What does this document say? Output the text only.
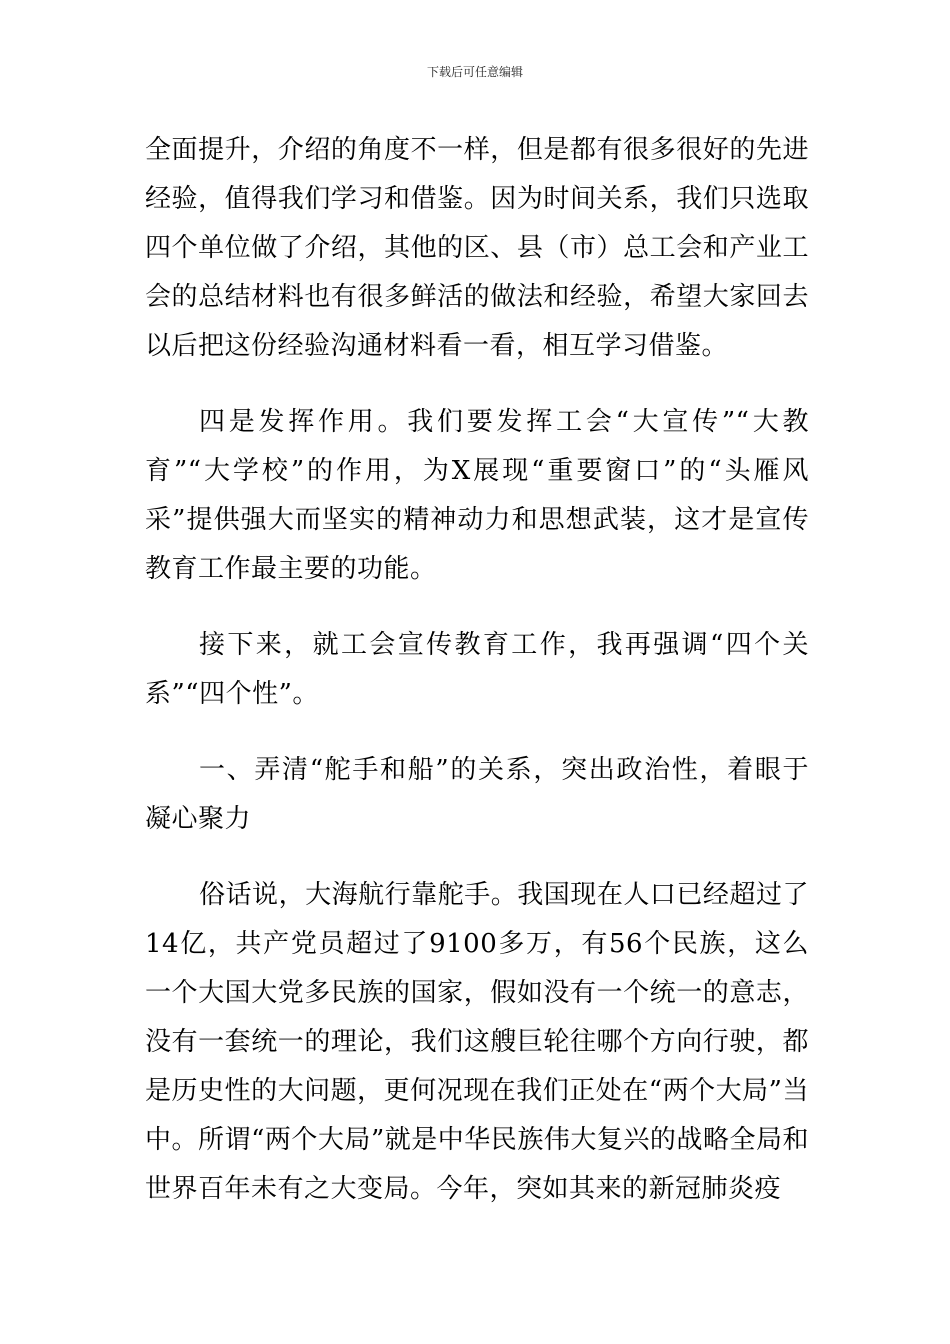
下载后可任意编辑

全面提升，介绍的角度不一样，但是都有很多很好的先进经验，值得我们学习和借鉴。因为时间关系，我们只选取四个单位做了介绍，其他的区、县（市）总工会和产业工会的总结材料也有很多鲜活的做法和经验，希望大家回去以后把这份经验沟通材料看一看，相互学习借鉴。

四是发挥作用。我们要发挥工会“大宣传”“大教育”“大学校”的作用，为X展现“重要窗口”的“头雁风采”提供强大而坚实的精神动力和思想武装，这才是宣传教育工作最主要的功能。

接下来，就工会宣传教育工作，我再强调“四个关系”“四个性”。

一、弄清“舵手和船”的关系，突出政治性，着眼于凝心聚力

俗话说，大海航行靠舵手。我国现在人口已经超过了14亿，共产党员超过了9100多万，有56个民族，这么一个大国大党多民族的国家，假如没有一个统一的意志，没有一套统一的理论，我们这艘巨轮往哪个方向行驶，都是历史性的大问题，更何况现在我们正处在“两个大局”当中。所谓“两个大局”就是中华民族伟大复兴的战略全局和世界百年未有之大变局。今年，突如其来的新冠肺炎疫
